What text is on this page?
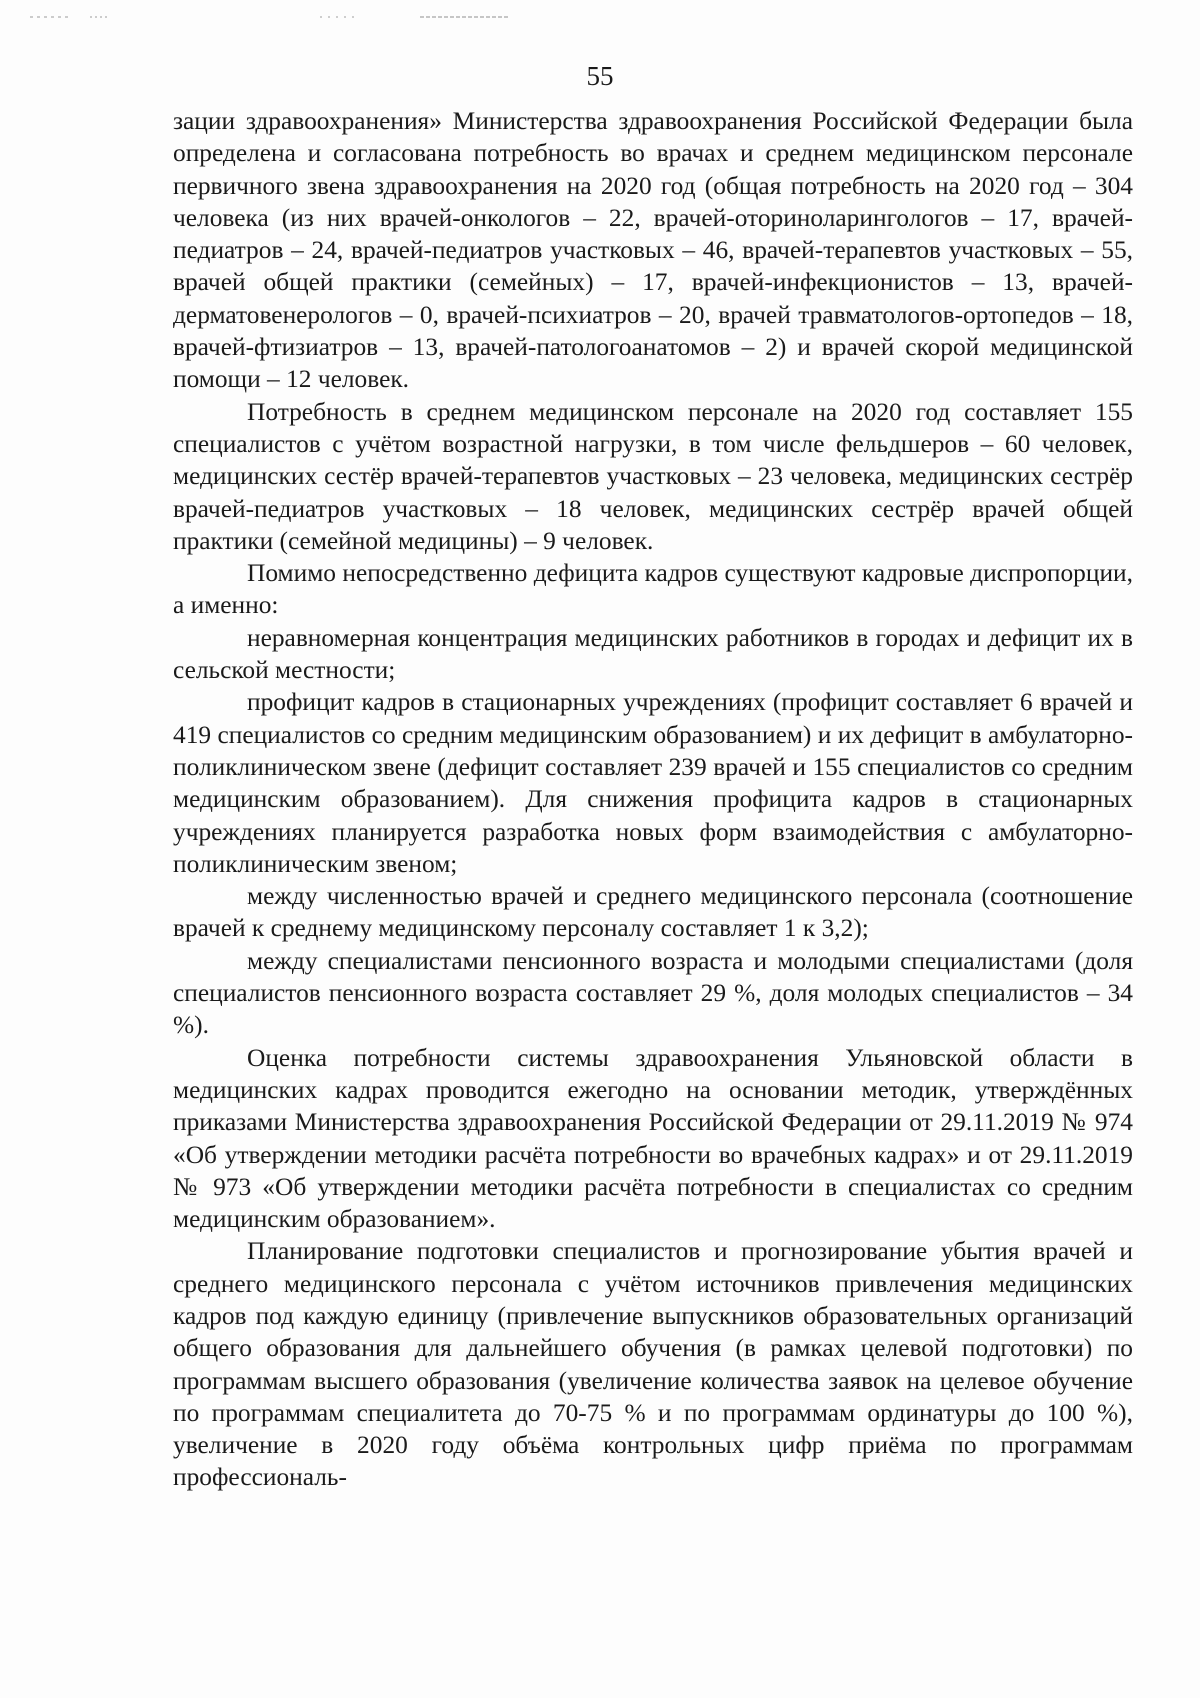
55

зации здравоохранения» Министерства здравоохранения Российской Федерации была определена и согласована потребность во врачах и среднем медицинском персонале первичного звена здравоохранения на 2020 год (общая потребность на 2020 год – 304 человека (из них врачей-онкологов – 22, врачей-оториноларингологов – 17, врачей-педиатров – 24, врачей-педиатров участковых – 46, врачей-терапевтов участковых – 55, врачей общей практики (семейных) – 17, врачей-инфекционистов – 13, врачей-дерматовенерологов – 0, врачей-психиатров – 20, врачей травматологов-ортопедов – 18, врачей-фтизиатров – 13, врачей-патологоанатомов – 2) и врачей скорой медицинской помощи – 12 человек.

Потребность в среднем медицинском персонале на 2020 год составляет 155 специалистов с учётом возрастной нагрузки, в том числе фельдшеров – 60 человек, медицинских сестёр врачей-терапевтов участковых – 23 человека, медицинских сестрёр врачей-педиатров участковых – 18 человек, медицинских сестрёр врачей общей практики (семейной медицины) – 9 человек.

Помимо непосредственно дефицита кадров существуют кадровые диспропорции, а именно:

неравномерная концентрация медицинских работников в городах и дефицит их в сельской местности;

профицит кадров в стационарных учреждениях (профицит составляет 6 врачей и 419 специалистов со средним медицинским образованием) и их дефицит в амбулаторно-поликлиническом звене (дефицит составляет 239 врачей и 155 специалистов со средним медицинским образованием). Для снижения профицита кадров в стационарных учреждениях планируется разработка новых форм взаимодействия с амбулаторно-поликлиническим звеном;

между численностью врачей и среднего медицинского персонала (соотношение врачей к среднему медицинскому персоналу составляет 1 к 3,2);

между специалистами пенсионного возраста и молодыми специалистами (доля специалистов пенсионного возраста составляет 29 %, доля молодых специалистов – 34 %).

Оценка потребности системы здравоохранения Ульяновской области в медицинских кадрах проводится ежегодно на основании методик, утверждённых приказами Министерства здравоохранения Российской Федерации от 29.11.2019 № 974 «Об утверждении методики расчёта потребности во врачебных кадрах» и от 29.11.2019 № 973 «Об утверждении методики расчёта потребности в специалистах со средним медицинским образованием».

Планирование подготовки специалистов и прогнозирование убытия врачей и среднего медицинского персонала с учётом источников привлечения медицинских кадров под каждую единицу (привлечение выпускников образовательных организаций общего образования для дальнейшего обучения (в рамках целевой подготовки) по программам высшего образования (увеличение количества заявок на целевое обучение по программам специалитета до 70-75 % и по программам ординатуры до 100 %), увеличение в 2020 году объёма контрольных цифр приёма по программам профессиональ-
